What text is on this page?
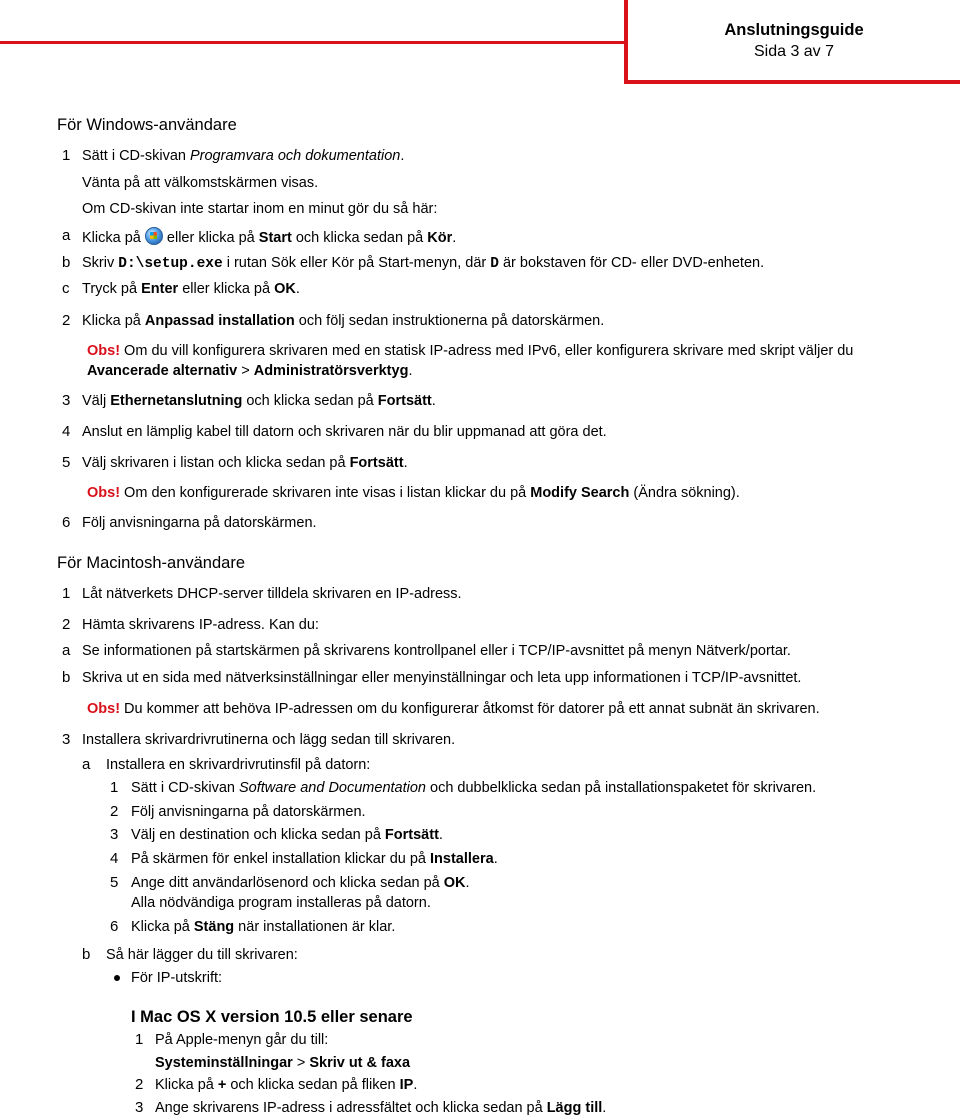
Anslutningsguide
Sida 3 av 7
För Windows-användare
1 Sätt i CD-skivan Programvara och dokumentation.
Vänta på att välkomstskärmen visas.
Om CD-skivan inte startar inom en minut gör du så här:
a Klicka på  eller klicka på Start och klicka sedan på Kör.
b Skriv D:\setup.exe i rutan Sök eller Kör på Start-menyn, där D är bokstaven för CD- eller DVD-enheten.
c Tryck på Enter eller klicka på OK.
2 Klicka på Anpassad installation och följ sedan instruktionerna på datorskärmen.
Obs! Om du vill konfigurera skrivaren med en statisk IP-adress med IPv6, eller konfigurera skrivare med skript väljer du
Avancerade alternativ > Administratörsverktyg.
3 Välj Ethernetanslutning och klicka sedan på Fortsätt.
4 Anslut en lämplig kabel till datorn och skrivaren när du blir uppmanad att göra det.
5 Välj skrivaren i listan och klicka sedan på Fortsätt.
Obs! Om den konfigurerade skrivaren inte visas i listan klickar du på Modify Search (Ändra sökning).
6 Följ anvisningarna på datorskärmen.
För Macintosh-användare
1 Låt nätverkets DHCP-server tilldela skrivaren en IP-adress.
2 Hämta skrivarens IP-adress. Kan du:
a Se informationen på startskärmen på skrivarens kontrollpanel eller i TCP/IP-avsnittet på menyn Nätverk/portar.
b Skriva ut en sida med nätverksinställningar eller menyinställningar och leta upp informationen i TCP/IP-avsnittet.
Obs! Du kommer att behöva IP-adressen om du konfigurerar åtkomst för datorer på ett annat subnät än skrivaren.
3 Installera skrivardrivrutinerna och lägg sedan till skrivaren.
a Installera en skrivardrivrutinsfil på datorn:
1 Sätt i CD-skivan Software and Documentation och dubbelklicka sedan på installationspaketet för skrivaren.
2 Följ anvisningarna på datorskärmen.
3 Välj en destination och klicka sedan på Fortsätt.
4 På skärmen för enkel installation klickar du på Installera.
5 Ange ditt användarlösenord och klicka sedan på OK.
Alla nödvändiga program installeras på datorn.
6 Klicka på Stäng när installationen är klar.
b Så här lägger du till skrivaren:
För IP-utskrift:
I Mac OS X version 10.5 eller senare
1 På Apple-menyn går du till:
Systeminställningar > Skriv ut & faxa
2 Klicka på + och klicka sedan på fliken IP.
3 Ange skrivarens IP-adress i adressfältet och klicka sedan på Lägg till.
